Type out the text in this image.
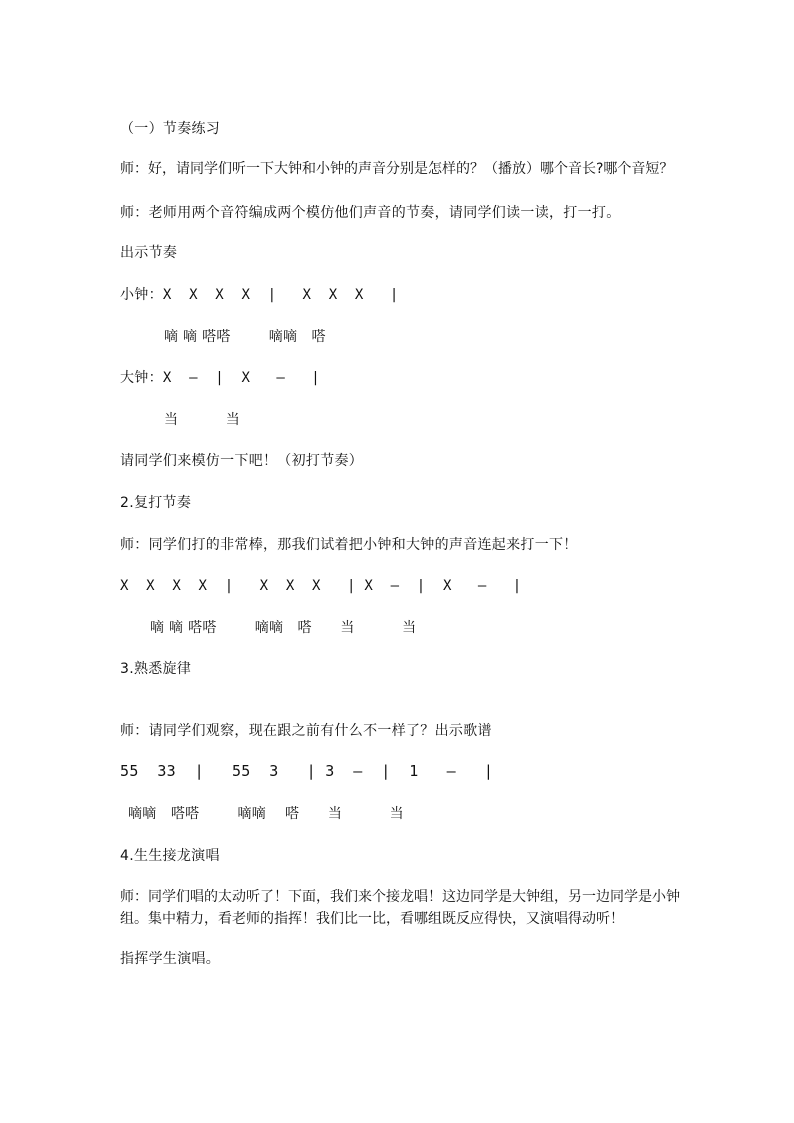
（一）节奏练习
师：好，请同学们听一下大钟和小钟的声音分别是怎样的？（播放）哪个音长?哪个音短？
师：老师用两个音符编成两个模仿他们声音的节奏，请同学们读一读，打一打。
出示节奏
小钟：X  X  X  X  |   X  X  X   |
嘀 嘀 嗒嗒        嘀嘀   嗒
大钟：X  —  |  X   —   |
当          当
请同学们来模仿一下吧！（初打节奏）
2.复打节奏
师：同学们打的非常棒，那我们试着把小钟和大钟的声音连起来打一下！
X  X  X  X  |   X  X  X   | X  —  |  X   —   |
嘀 嘀 嗒嗒        嘀嘀   嗒      当          当
3.熟悉旋律
师：请同学们观察，现在跟之前有什么不一样了？出示歌谱
55  33  |   55  3   | 3  —  |  1   —   |
嘀嘀   嗒嗒        嘀嘀    嗒      当          当
4.生生接龙演唱
师：同学们唱的太动听了！下面，我们来个接龙唱！这边同学是大钟组，另一边同学是小钟组。集中精力，看老师的指挥！我们比一比，看哪组既反应得快，又演唱得动听！
指挥学生演唱。
